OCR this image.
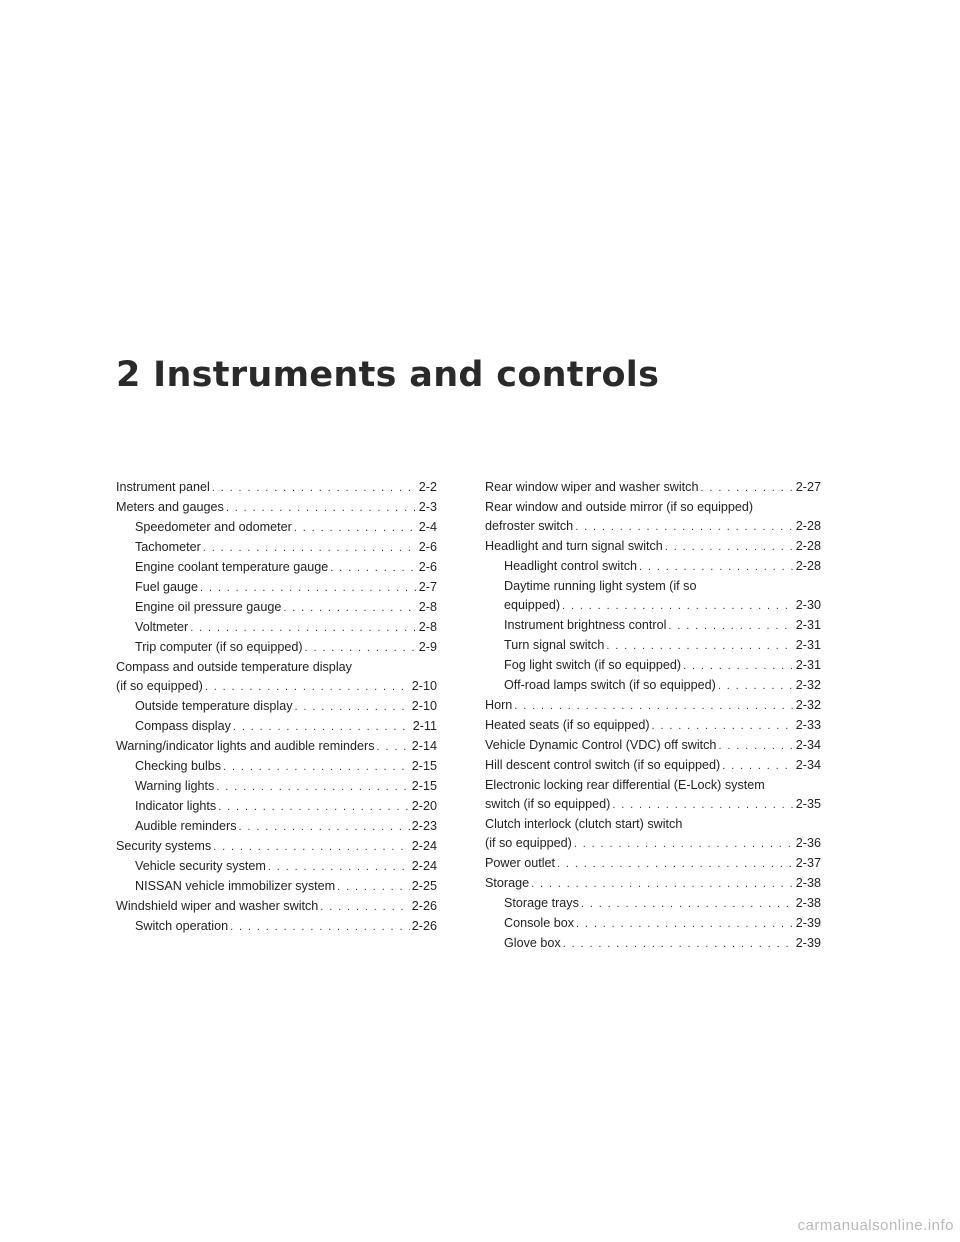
2 Instruments and controls
Instrument panel . . .	2-2
Meters and gauges . . .	2-3
Speedometer and odometer . . .	2-4
Tachometer . . .	2-6
Engine coolant temperature gauge . . .	2-6
Fuel gauge . . .	2-7
Engine oil pressure gauge . . .	2-8
Voltmeter . . .	2-8
Trip computer (if so equipped) . . .	2-9
Compass and outside temperature display
(if so equipped) . . .	2-10
Outside temperature display . . .	2-10
Compass display . . .	2-11
Warning/indicator lights and audible reminders . . .	2-14
Checking bulbs . . .	2-15
Warning lights . . .	2-15
Indicator lights . . .	2-20
Audible reminders . . .	2-23
Security systems . . .	2-24
Vehicle security system . . .	2-24
NISSAN vehicle immobilizer system . . .	2-25
Windshield wiper and washer switch . . .	2-26
Switch operation . . .	2-26
Rear window wiper and washer switch . . .	2-27
Rear window and outside mirror (if so equipped)
defroster switch . . .	2-28
Headlight and turn signal switch . . .	2-28
Headlight control switch . . .	2-28
Daytime running light system (if so
equipped) . . .	2-30
Instrument brightness control . . .	2-31
Turn signal switch . . .	2-31
Fog light switch (if so equipped) . . .	2-31
Off-road lamps switch (if so equipped) . . .	2-32
Horn . . .	2-32
Heated seats (if so equipped) . . .	2-33
Vehicle Dynamic Control (VDC) off switch . . .	2-34
Hill descent control switch (if so equipped) . . .	2-34
Electronic locking rear differential (E-Lock) system
switch (if so equipped) . . .	2-35
Clutch interlock (clutch start) switch
(if so equipped) . . .	2-36
Power outlet . . .	2-37
Storage . . .	2-38
Storage trays . . .	2-38
Console box . . .	2-39
Glove box . . .	2-39
carmanualsonline.info
